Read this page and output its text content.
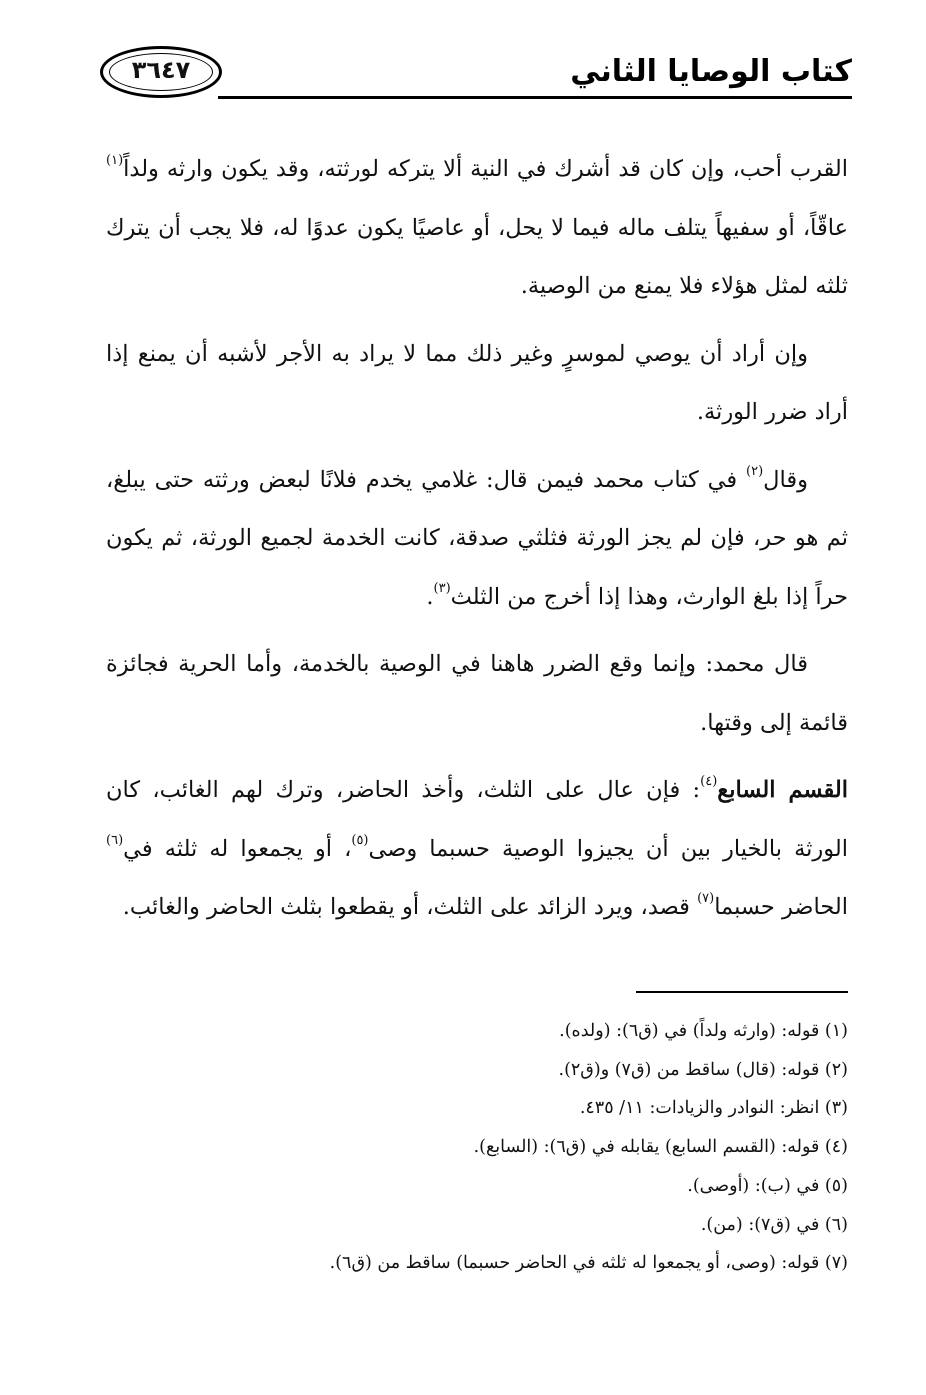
كتاب الوصايا الثاني
٣٦٤٧

القرب أحب، وإن كان قد أشرك في النية ألا يتركه لورثته، وقد يكون وارثه ولداً$^{(١)}$ عاقّاً، أو سفيهاً يتلف ماله فيما لا يحل، أو عاصيًا يكون عدوًا له، فلا يجب أن يترك ثلثه لمثل هؤلاء فلا يمنع من الوصية.

وإن أراد أن يوصي لموسرٍ وغير ذلك مما لا يراد به الأجر لأشبه أن يمنع إذا أراد ضرر الورثة.

وقال$^{(٢)}$ في كتاب محمد فيمن قال: غلامي يخدم فلانًا لبعض ورثته حتى يبلغ، ثم هو حر، فإن لم يجز الورثة فثلثي صدقة، كانت الخدمة لجميع الورثة، ثم يكون حراً إذا بلغ الوارث، وهذا إذا أخرج من الثلث$^{(٣)}$.

قال محمد: وإنما وقع الضرر هاهنا في الوصية بالخدمة، وأما الحرية فجائزة قائمة إلى وقتها.

القسم السابع$^{(٤)}$: فإن عال على الثلث، وأخذ الحاضر، وترك لهم الغائب، كان الورثة بالخيار بين أن يجيزوا الوصية حسبما وصى$^{(٥)}$، أو يجمعوا له ثلثه في$^{(٦)}$ الحاضر حسبما$^{(٧)}$ قصد، ويرد الزائد على الثلث، أو يقطعوا بثلث الحاضر والغائب.

(١) قوله: (وارثه ولداً) في (ق٦): (ولده).
(٢) قوله: (قال) ساقط من (ق٧) و(ق٢).
(٣) انظر: النوادر والزيادات: ١١/ ٤٣٥.
(٤) قوله: (القسم السابع) يقابله في (ق٦): (السابع).
(٥) في (ب): (أوصى).
(٦) في (ق٧): (من).
(٧) قوله: (وصى، أو يجمعوا له ثلثه في الحاضر حسبما) ساقط من (ق٦).
